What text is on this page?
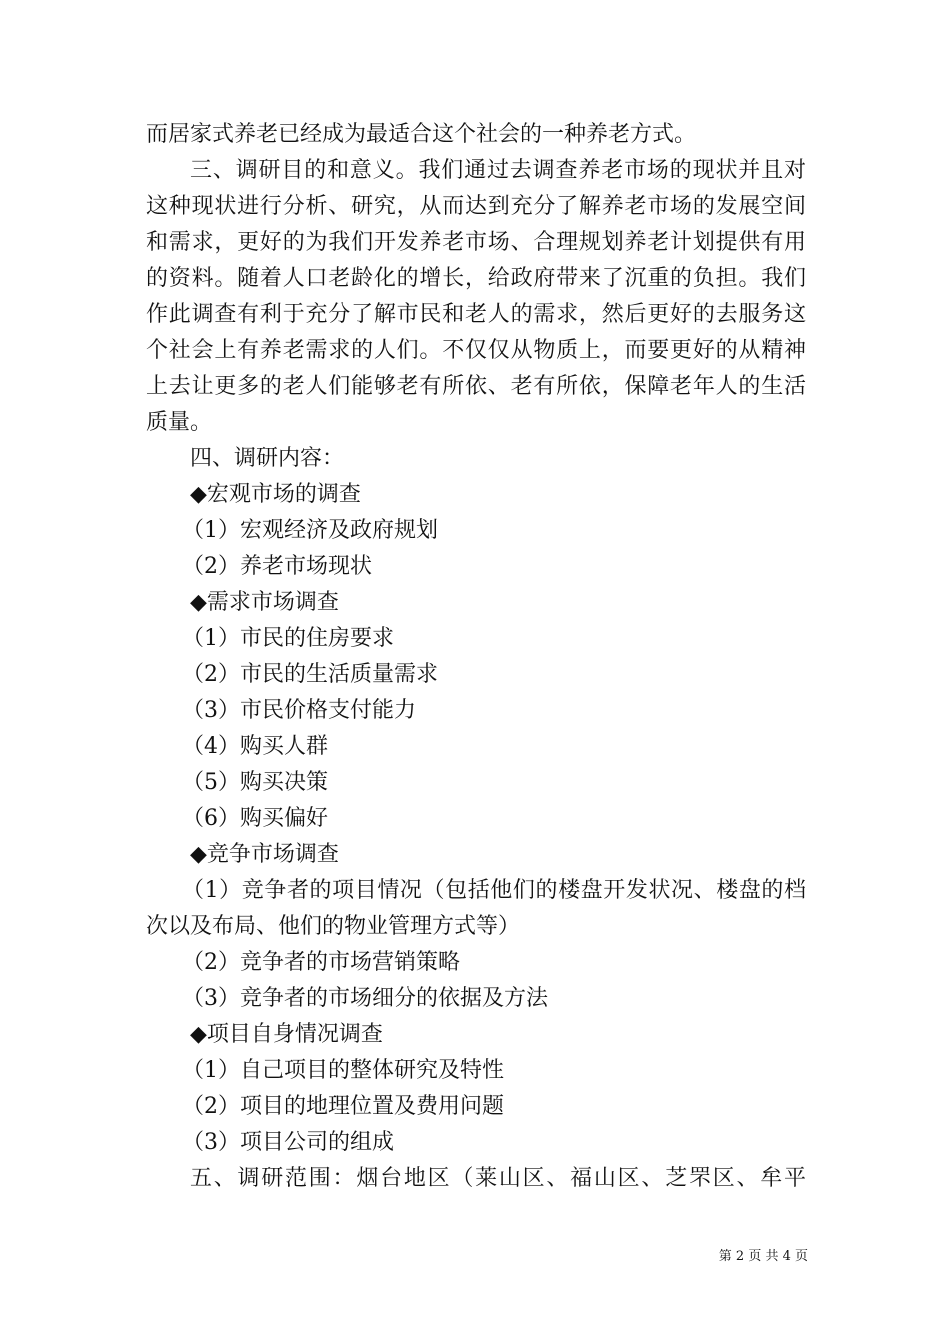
而居家式养老已经成为最适合这个社会的一种养老方式。
三、调研目的和意义。我们通过去调查养老市场的现状并且对
这种现状进行分析、研究，从而达到充分了解养老市场的发展空间
和需求，更好的为我们开发养老市场、合理规划养老计划提供有用
的资料。随着人口老龄化的增长，给政府带来了沉重的负担。我们
作此调查有利于充分了解市民和老人的需求，然后更好的去服务这
个社会上有养老需求的人们。不仅仅从物质上，而要更好的从精神
上去让更多的老人们能够老有所依、老有所依，保障老年人的生活
质量。
四、调研内容：
◆宏观市场的调查
（1）宏观经济及政府规划
（2）养老市场现状
◆需求市场调查
（1）市民的住房要求
（2）市民的生活质量需求
（3）市民价格支付能力
（4）购买人群
（5）购买决策
（6）购买偏好
◆竞争市场调查
（1）竞争者的项目情况（包括他们的楼盘开发状况、楼盘的档
次以及布局、他们的物业管理方式等）
（2）竞争者的市场营销策略
（3）竞争者的市场细分的依据及方法
◆项目自身情况调查
（1）自己项目的整体研究及特性
（2）项目的地理位置及费用问题
（3）项目公司的组成
五、调研范围：烟台地区（莱山区、福山区、芝罘区、牟平
第 2 页 共 4 页
